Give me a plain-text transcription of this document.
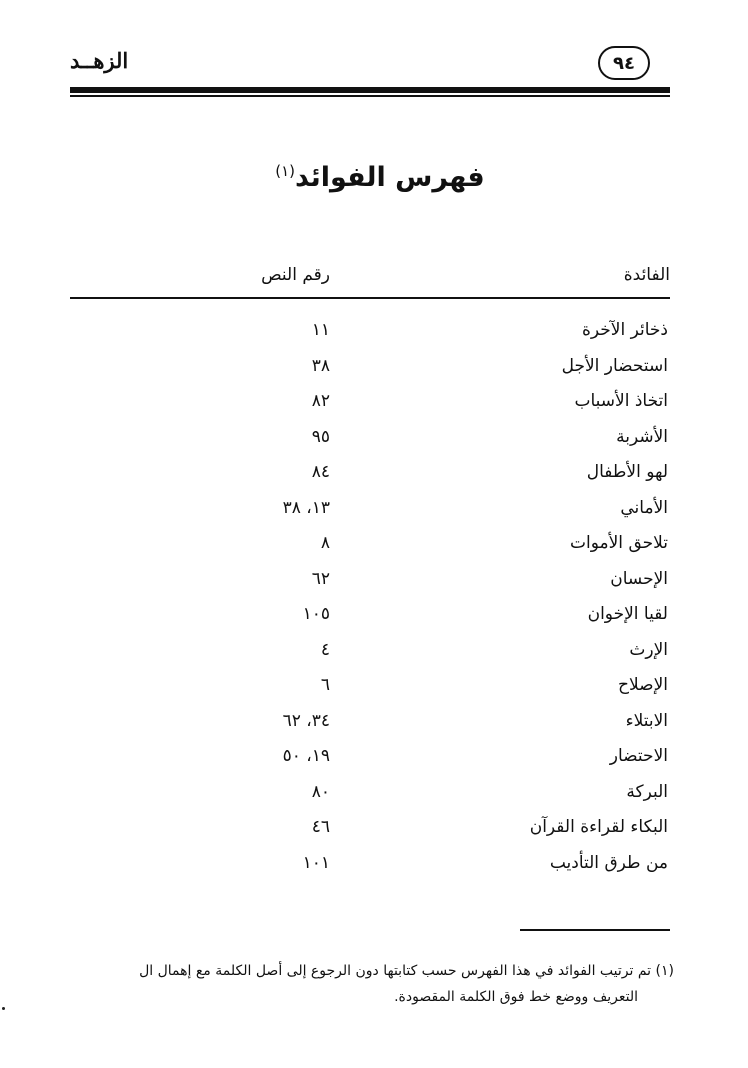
٩٤
الزهــد
فهرس الفوائد$^{(١)}$
الفائدة
رقم النص
ذخائر الآخرة
١١
استحضار الأجل
٣٨
اتخاذ الأسباب
٨٢
الأشربة
٩٥
لهو الأطفال
٨٤
الأماني
١٣، ٣٨
تلاحق الأموات
٨
الإحسان
٦٢
لقيا الإخوان
١٠٥
الإرث
٤
الإصلاح
٦
الابتلاء
٣٤، ٦٢
الاحتضار
١٩، ٥٠
البركة
٨٠
البكاء لقراءة القرآن
٤٦
من طرق التأديب
١٠١
(١) تم ترتيب الفوائد في هذا الفهرس حسب كتابتها دون الرجوع إلى أصل الكلمة مع إهمال ال
التعريف ووضع خط فوق الكلمة المقصودة.
